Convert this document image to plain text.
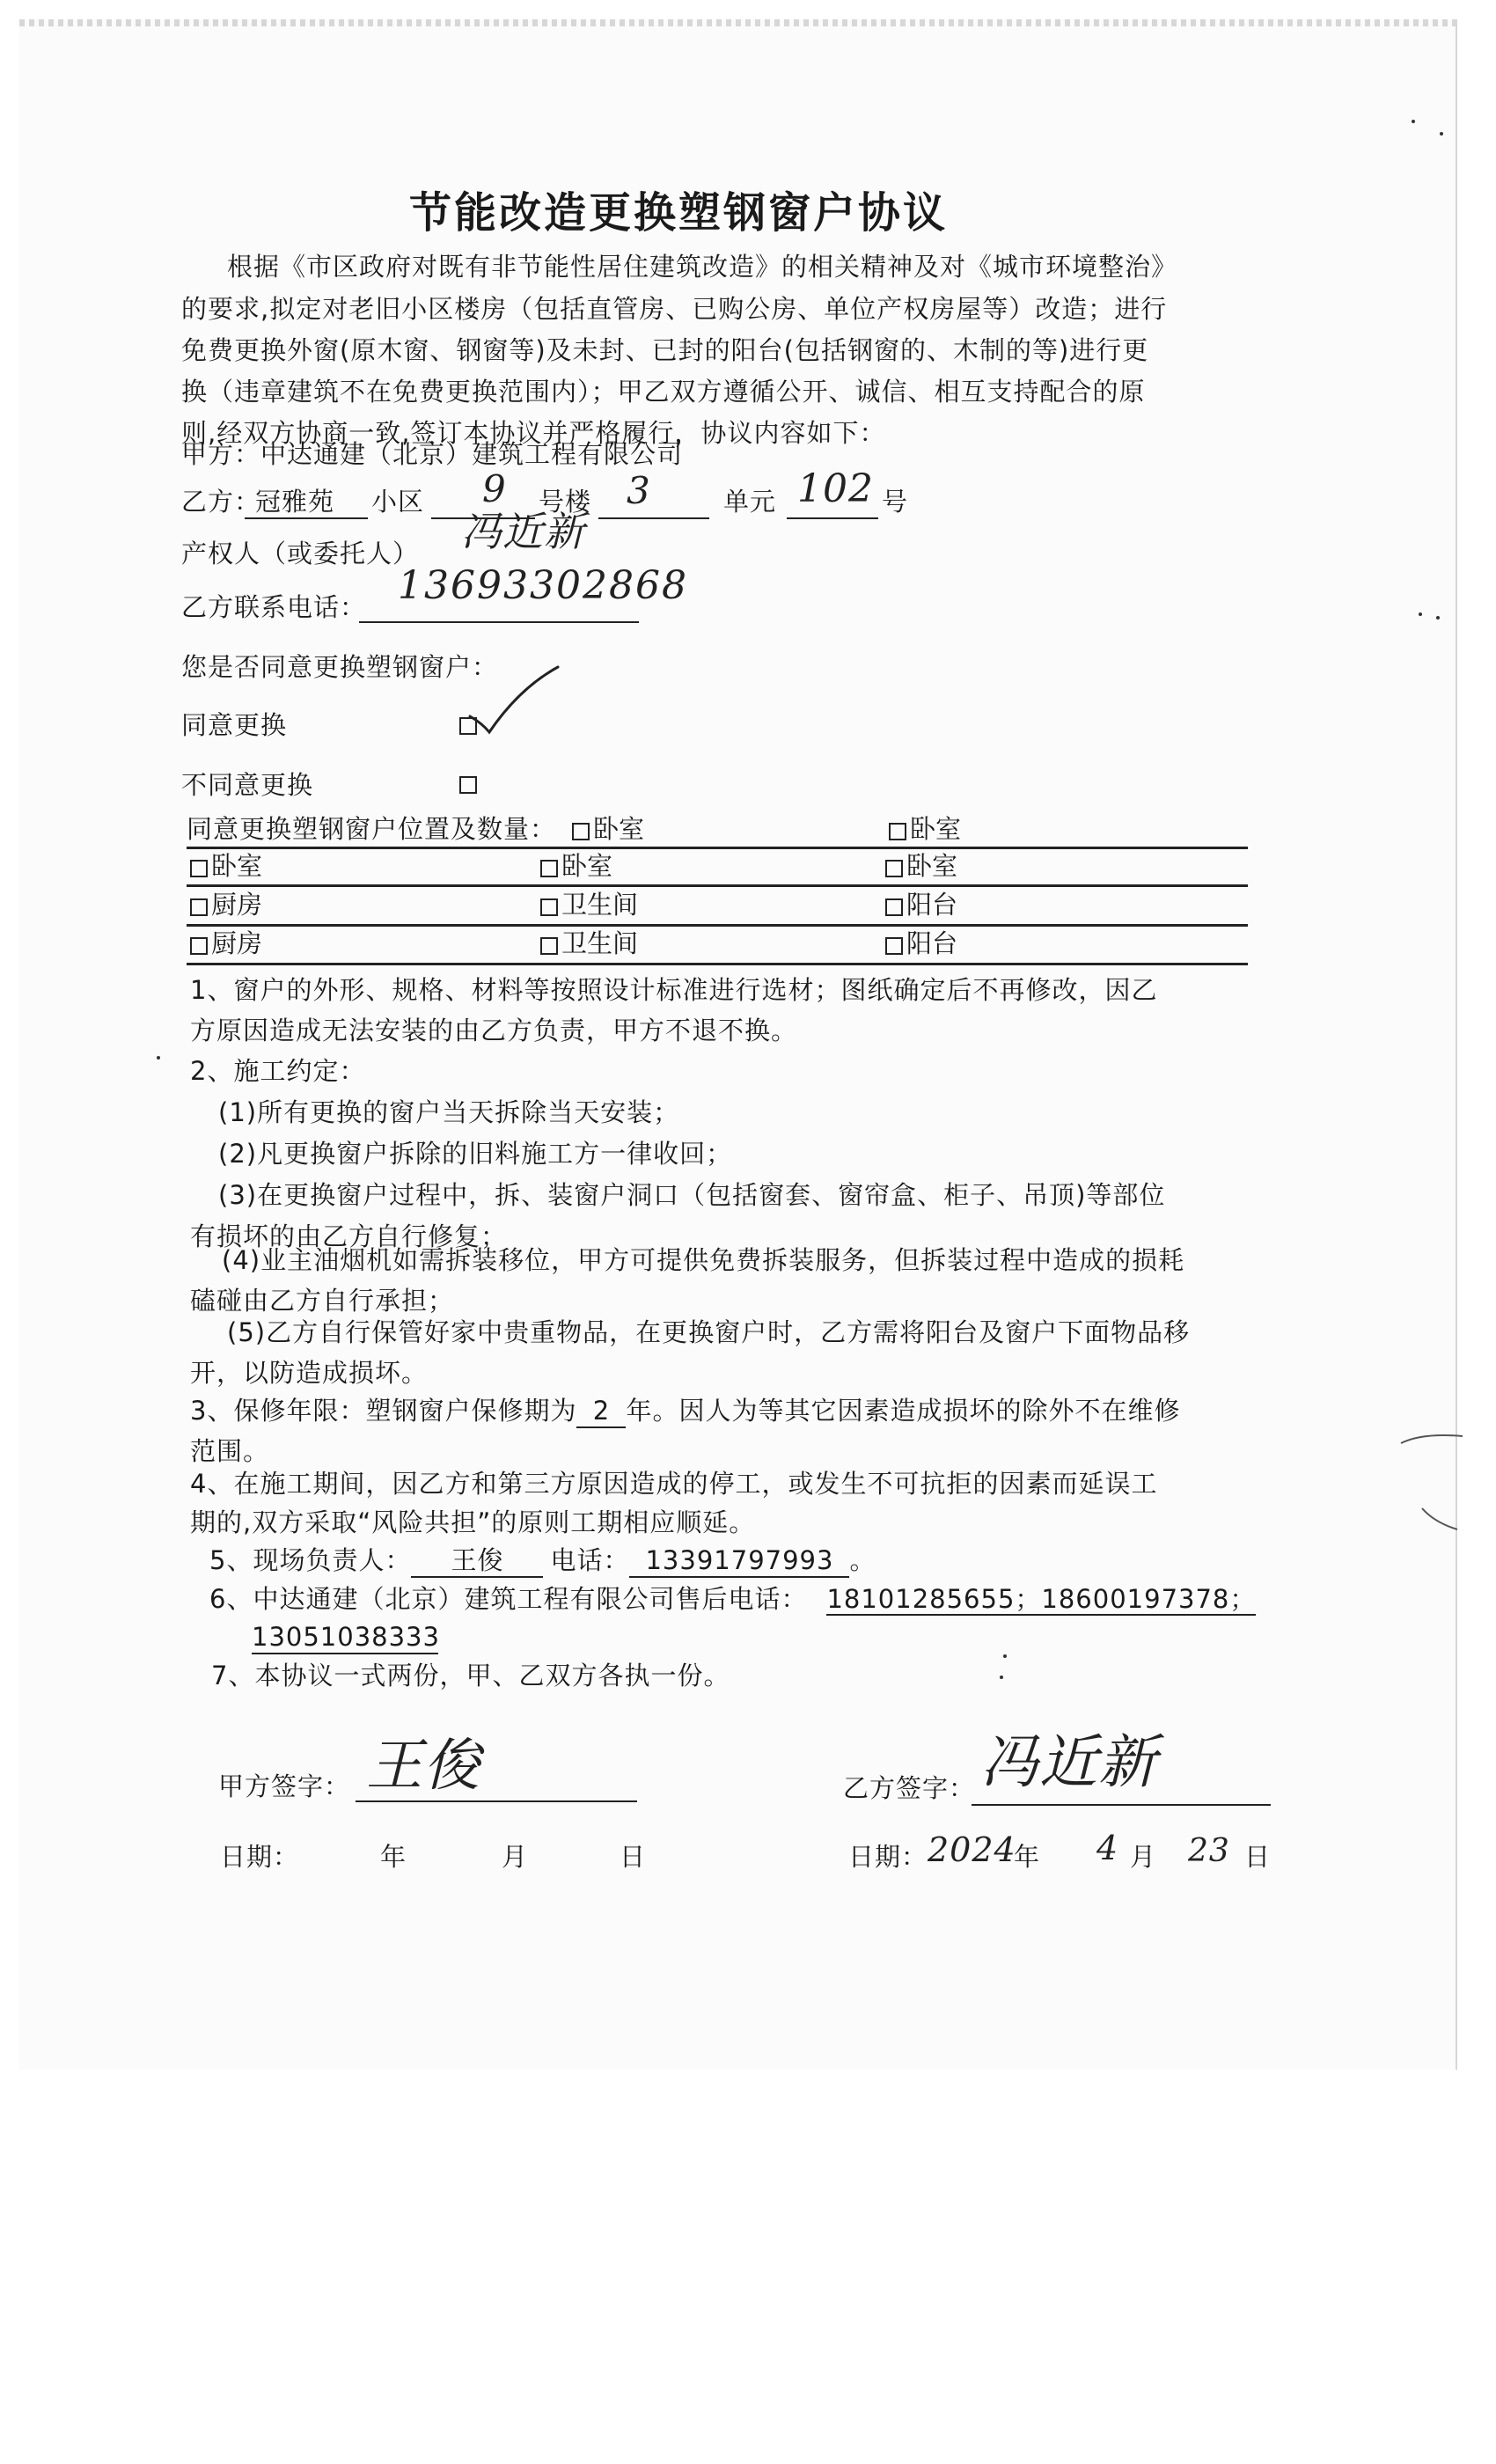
节能改造更换塑钢窗户协议
根据《市区政府对既有非节能性居住建筑改造》的相关精神及对《城市环境整治》
的要求,拟定对老旧小区楼房（包括直管房、已购公房、单位产权房屋等）改造；进行
免费更换外窗(原木窗、钢窗等)及未封、已封的阳台(包括钢窗的、木制的等)进行更
换（违章建筑不在免费更换范围内）；甲乙双方遵循公开、诚信、相互支持配合的原
则,经双方协商一致,签订本协议并严格履行，协议内容如下：
甲方： 中达通建（北京）建筑工程有限公司
乙方：
冠雅苑 小区 9 号楼 3	单元 102 号
产权人（或委托人） 冯近新
乙方联系电话： 13693302868
您是否同意更换塑钢窗户：
同意更换
不同意更换
同意更换塑钢窗户位置及数量：	卧室	卧室
卧室	卧室	卧室
厨房	卫生间	阳台
厨房	卫生间	阳台
1、窗户的外形、规格、材料等按照设计标准进行选材；图纸确定后不再修改，因乙
方原因造成无法安装的由乙方负责，甲方不退不换。
2、施工约定：
(1)所有更换的窗户当天拆除当天安装；
(2)凡更换窗户拆除的旧料施工方一律收回；
(3)在更换窗户过程中，拆、装窗户洞口（包括窗套、窗帘盒、柜子、吊顶)等部位
有损坏的由乙方自行修复；
(4)业主油烟机如需拆装移位，甲方可提供免费拆装服务，但拆装过程中造成的损耗
磕碰由乙方自行承担；
(5)乙方自行保管好家中贵重物品，在更换窗户时，乙方需将阳台及窗户下面物品移
开，以防造成损坏。
3、保修年限：塑钢窗户保修期为 2 年。因人为等其它因素造成损坏的除外不在维修
范围。
4、在施工期间，因乙方和第三方原因造成的停工，或发生不可抗拒的因素而延误工
期的,双方采取“风险共担”的原则工期相应顺延。
5、现场负责人： 王俊 电话： 13391797993 。
6、中达通建（北京）建筑工程有限公司售后电话： 18101285655；18600197378；
13051038333
7、本协议一式两份，甲、乙双方各执一份。
甲方签字： 王俊	乙方签字： 冯近新
日期：	年	月	日	日期： 2024
年 4 月 23 日
